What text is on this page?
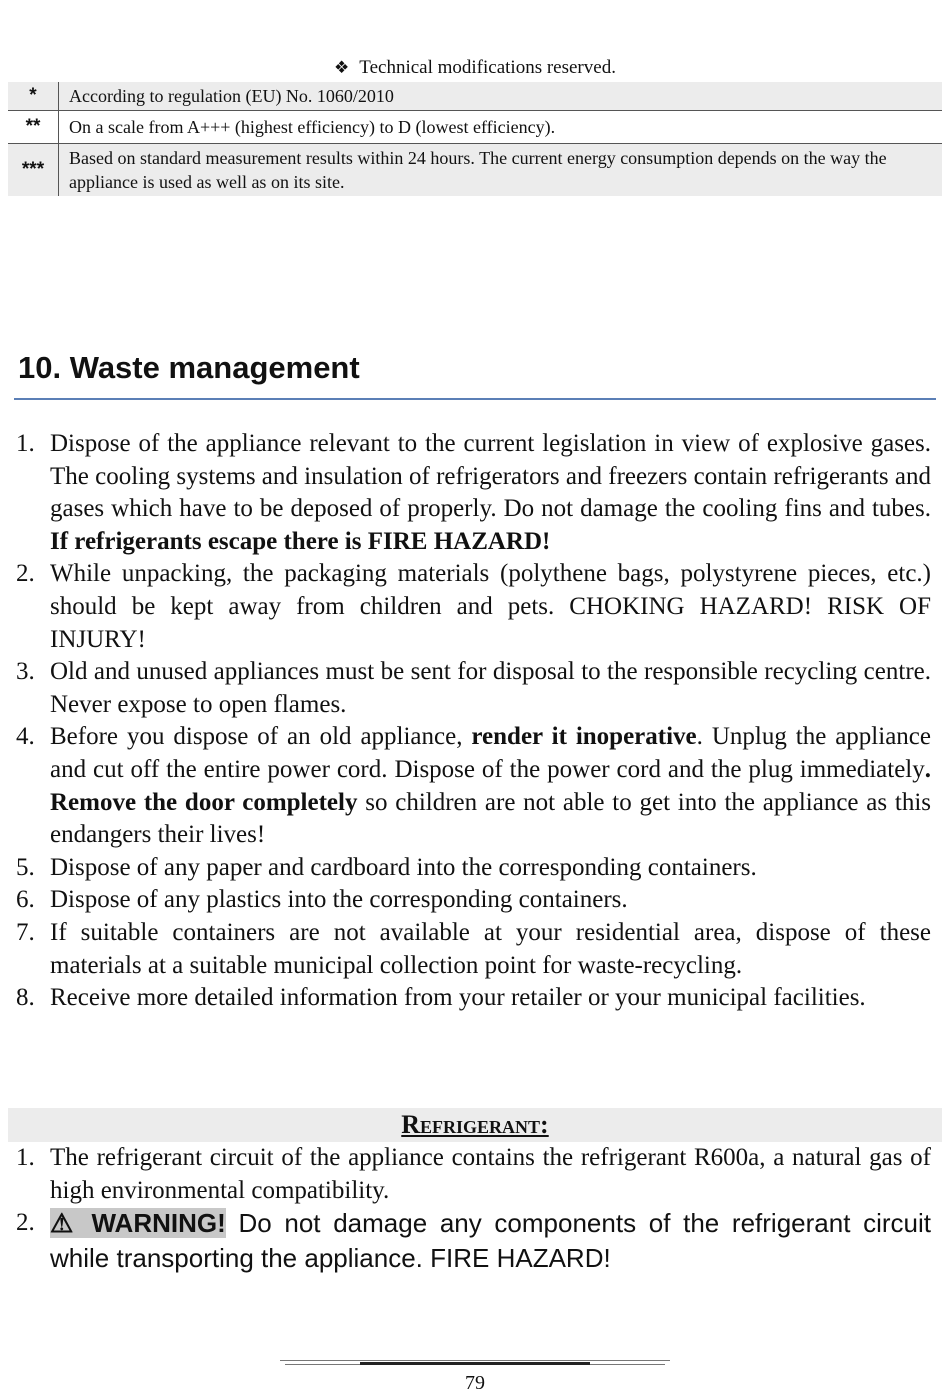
❖ Technical modifications reserved.
*	According to regulation (EU) No. 1060/2010
**	On a scale from A+++ (highest efficiency) to D (lowest efficiency).
***	Based on standard measurement results within 24 hours. The current energy consumption depends on the way the appliance is used as well as on its site.
10. Waste management
1. Dispose of the appliance relevant to the current legislation in view of explosive gases. The cooling systems and insulation of refrigerators and freezers contain refrigerants and gases which have to be deposed of properly. Do not damage the cooling fins and tubes. If refrigerants escape there is FIRE HAZARD!
2. While unpacking, the packaging materials (polythene bags, polystyrene pieces, etc.) should be kept away from children and pets. CHOKING HAZARD! RISK OF INJURY!
3. Old and unused appliances must be sent for disposal to the responsible recycling centre. Never expose to open flames.
4. Before you dispose of an old appliance, render it inoperative. Unplug the appliance and cut off the entire power cord. Dispose of the power cord and the plug immediately. Remove the door completely so children are not able to get into the appliance as this endangers their lives!
5. Dispose of any paper and cardboard into the corresponding containers.
6. Dispose of any plastics into the corresponding containers.
7. If suitable containers are not available at your residential area, dispose of these materials at a suitable municipal collection point for waste-recycling.
8. Receive more detailed information from your retailer or your municipal facilities.
Refrigerant:
1. The refrigerant circuit of the appliance contains the refrigerant R600a, a natural gas of high environmental compatibility.
2. ⚠ WARNING! Do not damage any components of the refrigerant circuit while transporting the appliance. FIRE HAZARD!
79
